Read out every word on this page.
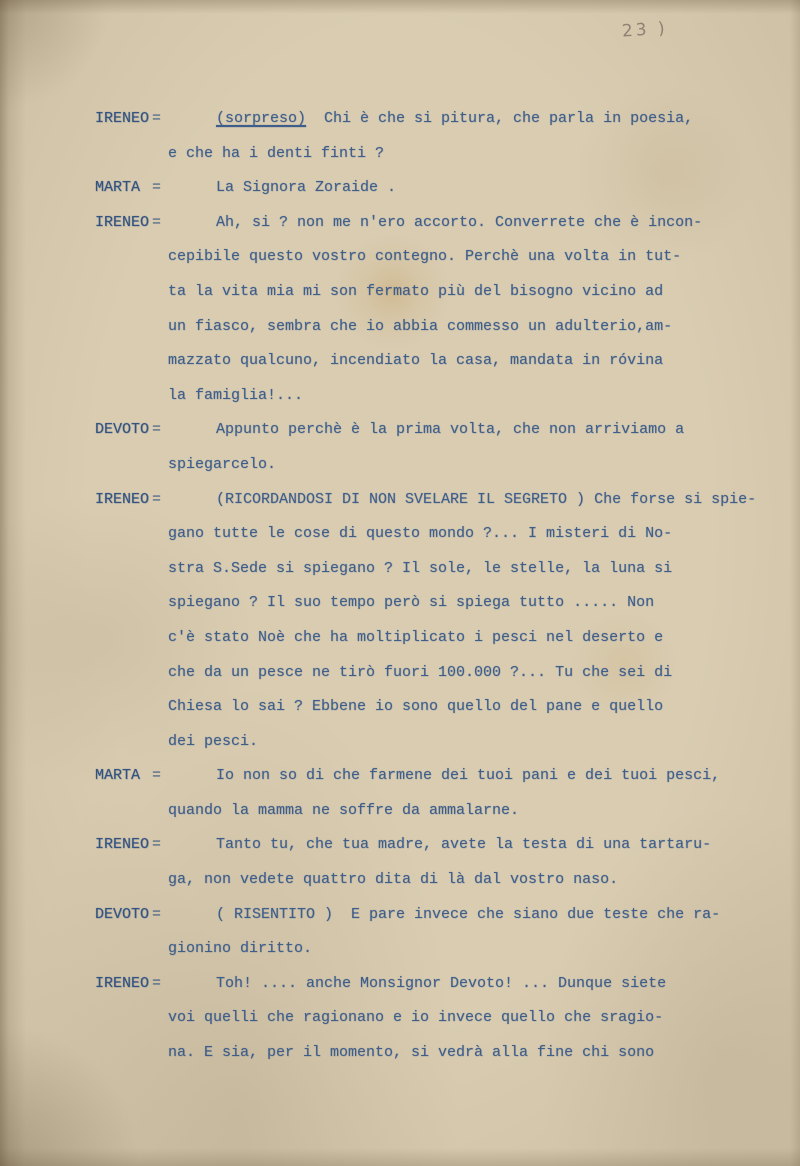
23 )
IRENEO =	(sorpreso)  Chi è che si pitura, che parla in poesia,
e che ha i denti finti ?
MARTA =	La Signora Zoraide .
IRENEO =	Ah, si ? non me n'ero accorto. Converrete che è incon-
cepibile questo vostro contegno. Perchè una volta in tut-
ta la vita mia mi son fermato più del bisogno vicino ad
un fiasco, sembra che io abbia commesso un adulterio,am-
mazzato qualcuno, incendiato la casa, mandata in róvina
la famiglia!...
DEVOTO =	Appunto perchè è la prima volta, che non arriviamo a
spiegarcelo.
IRENEO =	(RICORDANDOSI DI NON SVELARE IL SEGRETO ) Che forse si spie-
gano tutte le cose di questo mondo ?... I misteri di No-
stra S.Sede si spiegano ? Il sole, le stelle, la luna si
spiegano ? Il suo tempo però si spiega tutto ..... Non
c'è stato Noè che ha moltiplicato i pesci nel deserto e
che da un pesce ne tirò fuori 100.000 ?... Tu che sei di
Chiesa lo sai ? Ebbene io sono quello del pane e quello
dei pesci.
MARTA =	Io non so di che farmene dei tuoi pani e dei tuoi pesci,
quando la mamma ne soffre da ammalarne.
IRENEO =	Tanto tu, che tua madre, avete la testa di una tartaru-
ga, non vedete quattro dita di là dal vostro naso.
DEVOTO =	( RISENTITO )  E pare invece che siano due teste che ra-
gionino diritto.
IRENEO =	Toh! .... anche Monsignor Devoto! ... Dunque siete
voi quelli che ragionano e io invece quello che sragio-
na. E sia, per il momento, si vedrà alla fine chi sono
